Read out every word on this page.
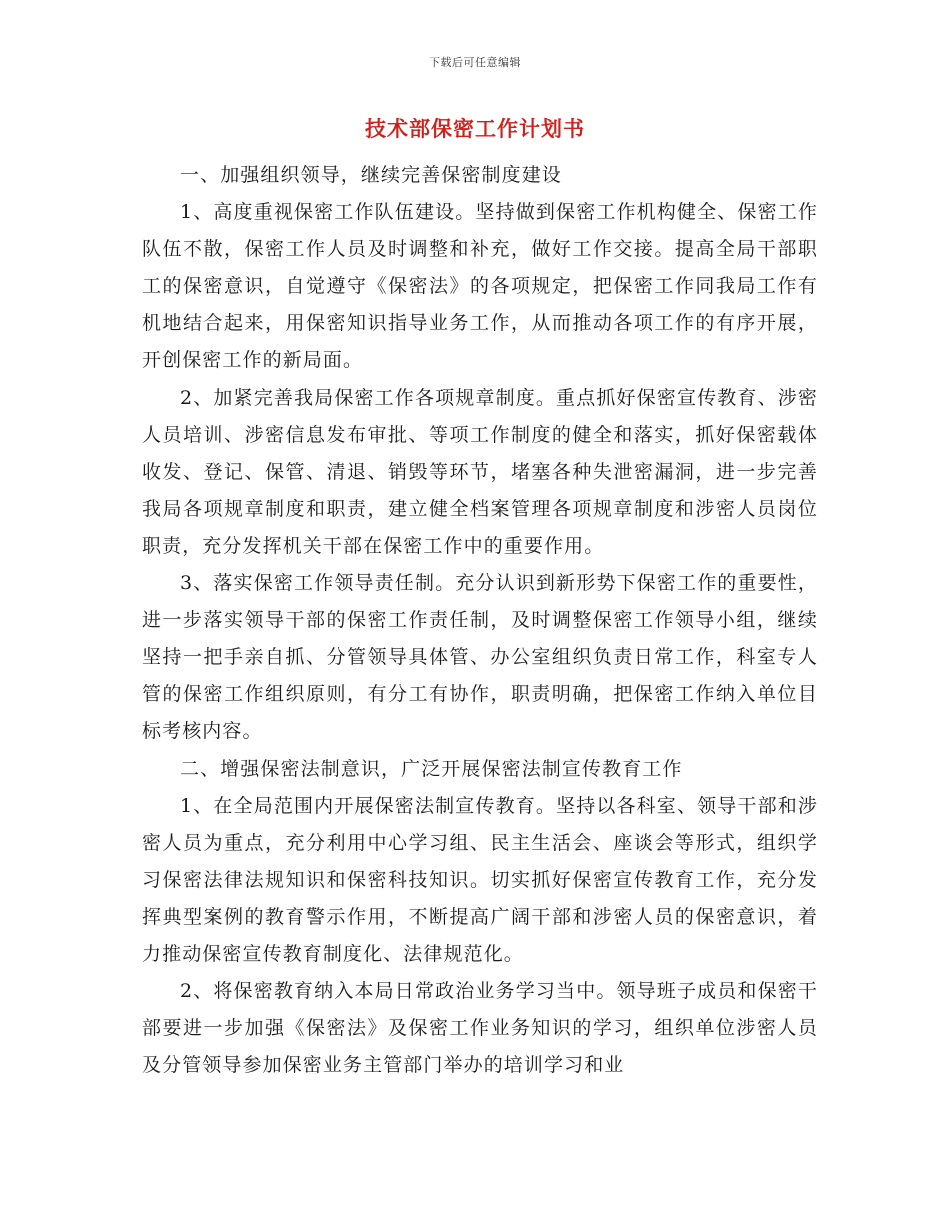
下载后可任意编辑
技术部保密工作计划书

一、加强组织领导，继续完善保密制度建设

1、高度重视保密工作队伍建设。坚持做到保密工作机构健全、保密工作队伍不散，保密工作人员及时调整和补充，做好工作交接。提高全局干部职工的保密意识，自觉遵守《保密法》的各项规定，把保密工作同我局工作有机地结合起来，用保密知识指导业务工作，从而推动各项工作的有序开展，开创保密工作的新局面。

2、加紧完善我局保密工作各项规章制度。重点抓好保密宣传教育、涉密人员培训、涉密信息发布审批、等项工作制度的健全和落实，抓好保密载体收发、登记、保管、清退、销毁等环节，堵塞各种失泄密漏洞，进一步完善我局各项规章制度和职责，建立健全档案管理各项规章制度和涉密人员岗位职责，充分发挥机关干部在保密工作中的重要作用。

3、落实保密工作领导责任制。充分认识到新形势下保密工作的重要性，进一步落实领导干部的保密工作责任制，及时调整保密工作领导小组，继续坚持一把手亲自抓、分管领导具体管、办公室组织负责日常工作，科室专人管的保密工作组织原则，有分工有协作，职责明确，把保密工作纳入单位目标考核内容。

二、增强保密法制意识，广泛开展保密法制宣传教育工作

1、在全局范围内开展保密法制宣传教育。坚持以各科室、领导干部和涉密人员为重点，充分利用中心学习组、民主生活会、座谈会等形式，组织学习保密法律法规知识和保密科技知识。切实抓好保密宣传教育工作，充分发挥典型案例的教育警示作用，不断提高广阔干部和涉密人员的保密意识，着力推动保密宣传教育制度化、法律规范化。

2、将保密教育纳入本局日常政治业务学习当中。领导班子成员和保密干部要进一步加强《保密法》及保密工作业务知识的学习，组织单位涉密人员及分管领导参加保密业务主管部门举办的培训学习和业
